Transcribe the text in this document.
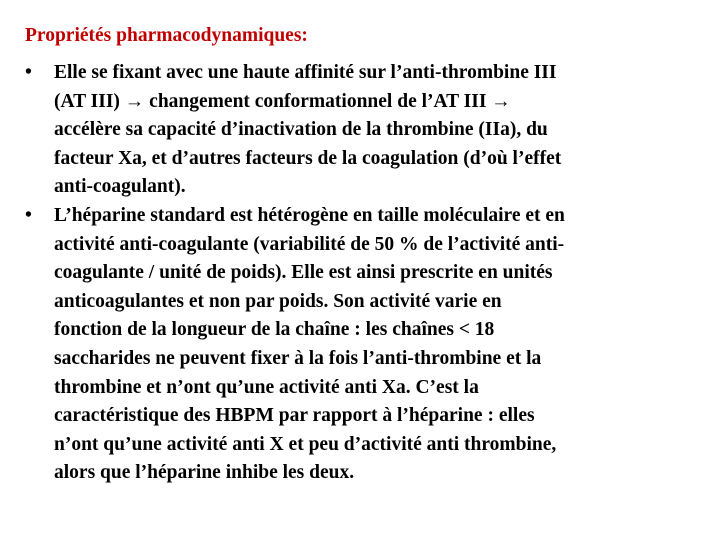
Propriétés pharmacodynamiques:
•	Elle se fixant avec une haute affinité sur l’anti-thrombine III
(AT III) → changement conformationnel de l’AT III →
accélère sa capacité d’inactivation de la thrombine (IIa), du
facteur Xa, et d’autres facteurs de la coagulation (d’où l’effet
anti-coagulant).
•	L’héparine standard est hétérogène en taille moléculaire et en
activité anti-coagulante (variabilité de 50 % de l’activité anti-
coagulante / unité de poids). Elle est ainsi prescrite en unités
anticoagulantes et non par poids. Son activité varie en
fonction de la longueur de la chaîne : les chaînes < 18
saccharides ne peuvent fixer à la fois l’anti-thrombine et la
thrombine et n’ont qu’une activité anti Xa. C’est la
caractéristique des HBPM par rapport à l’héparine : elles
n’ont qu’une activité anti X et peu d’activité anti thrombine,
alors que l’héparine inhibe les deux.
